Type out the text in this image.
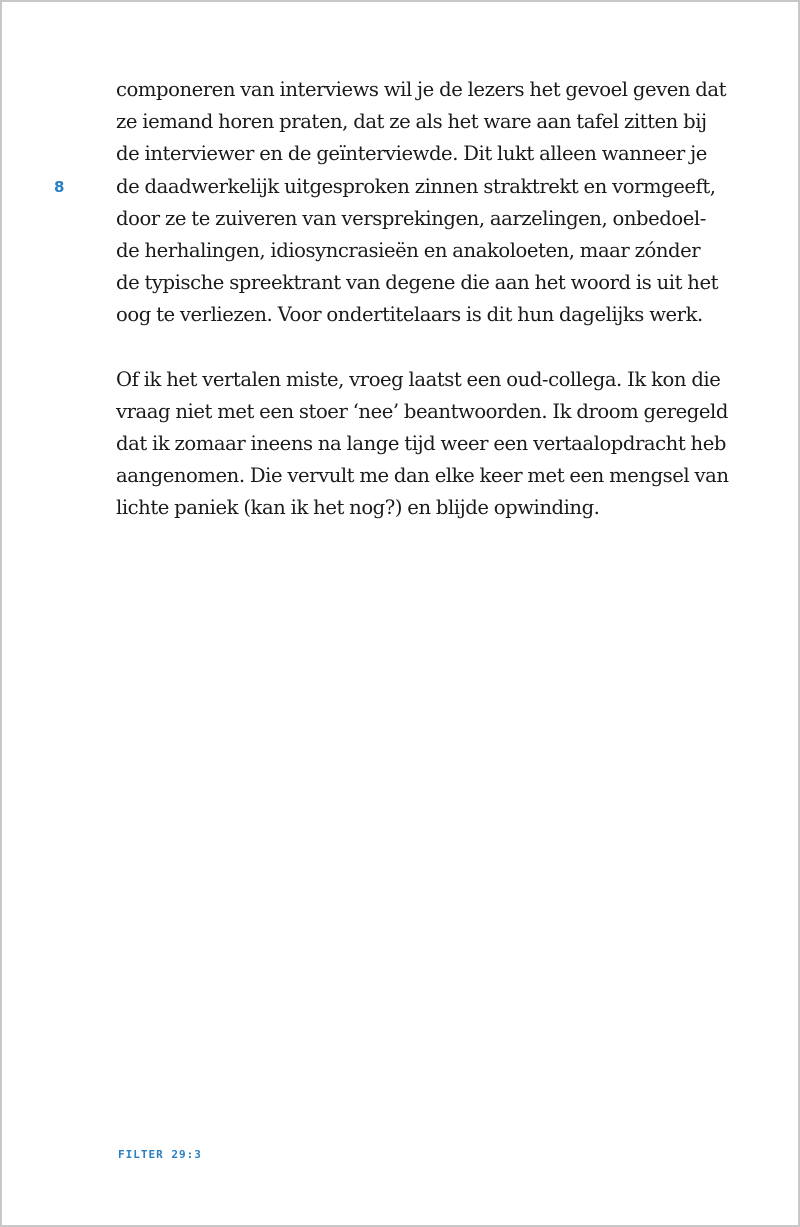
8

componeren van interviews wil je de lezers het gevoel geven dat
ze iemand horen praten, dat ze als het ware aan tafel zitten bij
de interviewer en de geïnterviewde. Dit lukt alleen wanneer je
de daadwerkelijk uitgesproken zinnen straktrekt en vormgeeft,
door ze te zuiveren van versprekingen, aarzelingen, onbedoel-
de herhalingen, idiosyncrasieën en anakoloeten, maar zónder
de typische spreektrant van degene die aan het woord is uit het
oog te verliezen. Voor ondertitelaars is dit hun dagelijks werk.

Of ik het vertalen miste, vroeg laatst een oud-collega. Ik kon die
vraag niet met een stoer ‘nee’ beantwoorden. Ik droom geregeld
dat ik zomaar ineens na lange tijd weer een vertaalopdracht heb
aangenomen. Die vervult me dan elke keer met een mengsel van
lichte paniek (kan ik het nog?) en blijde opwinding.

FILTER 29:3
